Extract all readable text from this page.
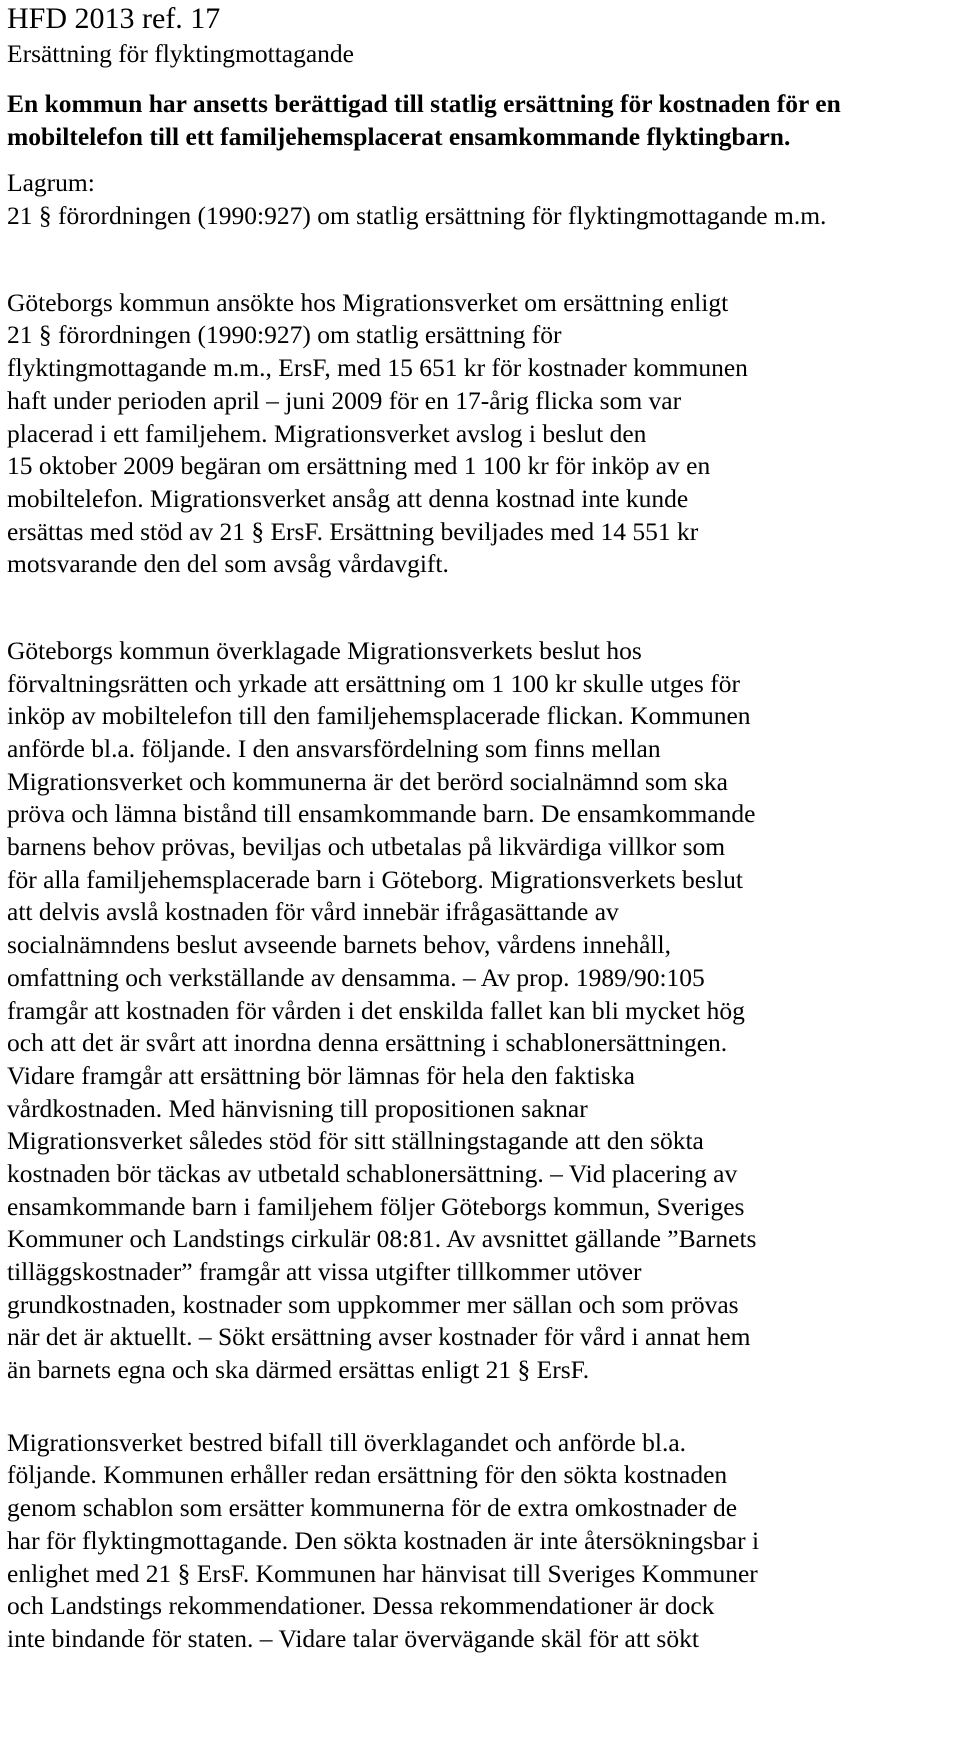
HFD 2013 ref. 17
Ersättning för flyktingmottagande
En kommun har ansetts berättigad till statlig ersättning för kostnaden för en
mobiltelefon till ett familjehemsplacerat ensamkommande flyktingbarn.
Lagrum:
21 § förordningen (1990:927) om statlig ersättning för flyktingmottagande m.m.
Göteborgs kommun ansökte hos Migrationsverket om ersättning enligt
21 § förordningen (1990:927) om statlig ersättning för
flyktingmottagande m.m., ErsF, med 15 651 kr för kostnader kommunen
haft under perioden april – juni 2009 för en 17-årig flicka som var
placerad i ett familjehem. Migrationsverket avslog i beslut den
15 oktober 2009 begäran om ersättning med 1 100 kr för inköp av en
mobiltelefon. Migrationsverket ansåg att denna kostnad inte kunde
ersättas med stöd av 21 § ErsF. Ersättning beviljades med 14 551 kr
motsvarande den del som avsåg vårdavgift.
Göteborgs kommun överklagade Migrationsverkets beslut hos
förvaltningsrätten och yrkade att ersättning om 1 100 kr skulle utges för
inköp av mobiltelefon till den familjehemsplacerade flickan. Kommunen
anförde bl.a. följande. I den ansvarsfördelning som finns mellan
Migrationsverket och kommunerna är det berörd socialnämnd som ska
pröva och lämna bistånd till ensamkommande barn. De ensamkommande
barnens behov prövas, beviljas och utbetalas på likvärdiga villkor som
för alla familjehemsplacerade barn i Göteborg. Migrationsverkets beslut
att delvis avslå kostnaden för vård innebär ifrågasättande av
socialnämndens beslut avseende barnets behov, vårdens innehåll,
omfattning och verkställande av densamma. – Av prop. 1989/90:105
framgår att kostnaden för vården i det enskilda fallet kan bli mycket hög
och att det är svårt att inordna denna ersättning i schablonersättningen.
Vidare framgår att ersättning bör lämnas för hela den faktiska
vårdkostnaden. Med hänvisning till propositionen saknar
Migrationsverket således stöd för sitt ställningstagande att den sökta
kostnaden bör täckas av utbetald schablonersättning. – Vid placering av
ensamkommande barn i familjehem följer Göteborgs kommun, Sveriges
Kommuner och Landstings cirkulär 08:81. Av avsnittet gällande ”Barnets
tilläggskostnader” framgår att vissa utgifter tillkommer utöver
grundkostnaden, kostnader som uppkommer mer sällan och som prövas
när det är aktuellt. – Sökt ersättning avser kostnader för vård i annat hem
än barnets egna och ska därmed ersättas enligt 21 § ErsF.
Migrationsverket bestred bifall till överklagandet och anförde bl.a.
följande. Kommunen erhåller redan ersättning för den sökta kostnaden
genom schablon som ersätter kommunerna för de extra omkostnader de
har för flyktingmottagande. Den sökta kostnaden är inte återsökningsbar i
enlighet med 21 § ErsF. Kommunen har hänvisat till Sveriges Kommuner
och Landstings rekommendationer. Dessa rekommendationer är dock
inte bindande för staten. – Vidare talar övervägande skäl för att sökt
